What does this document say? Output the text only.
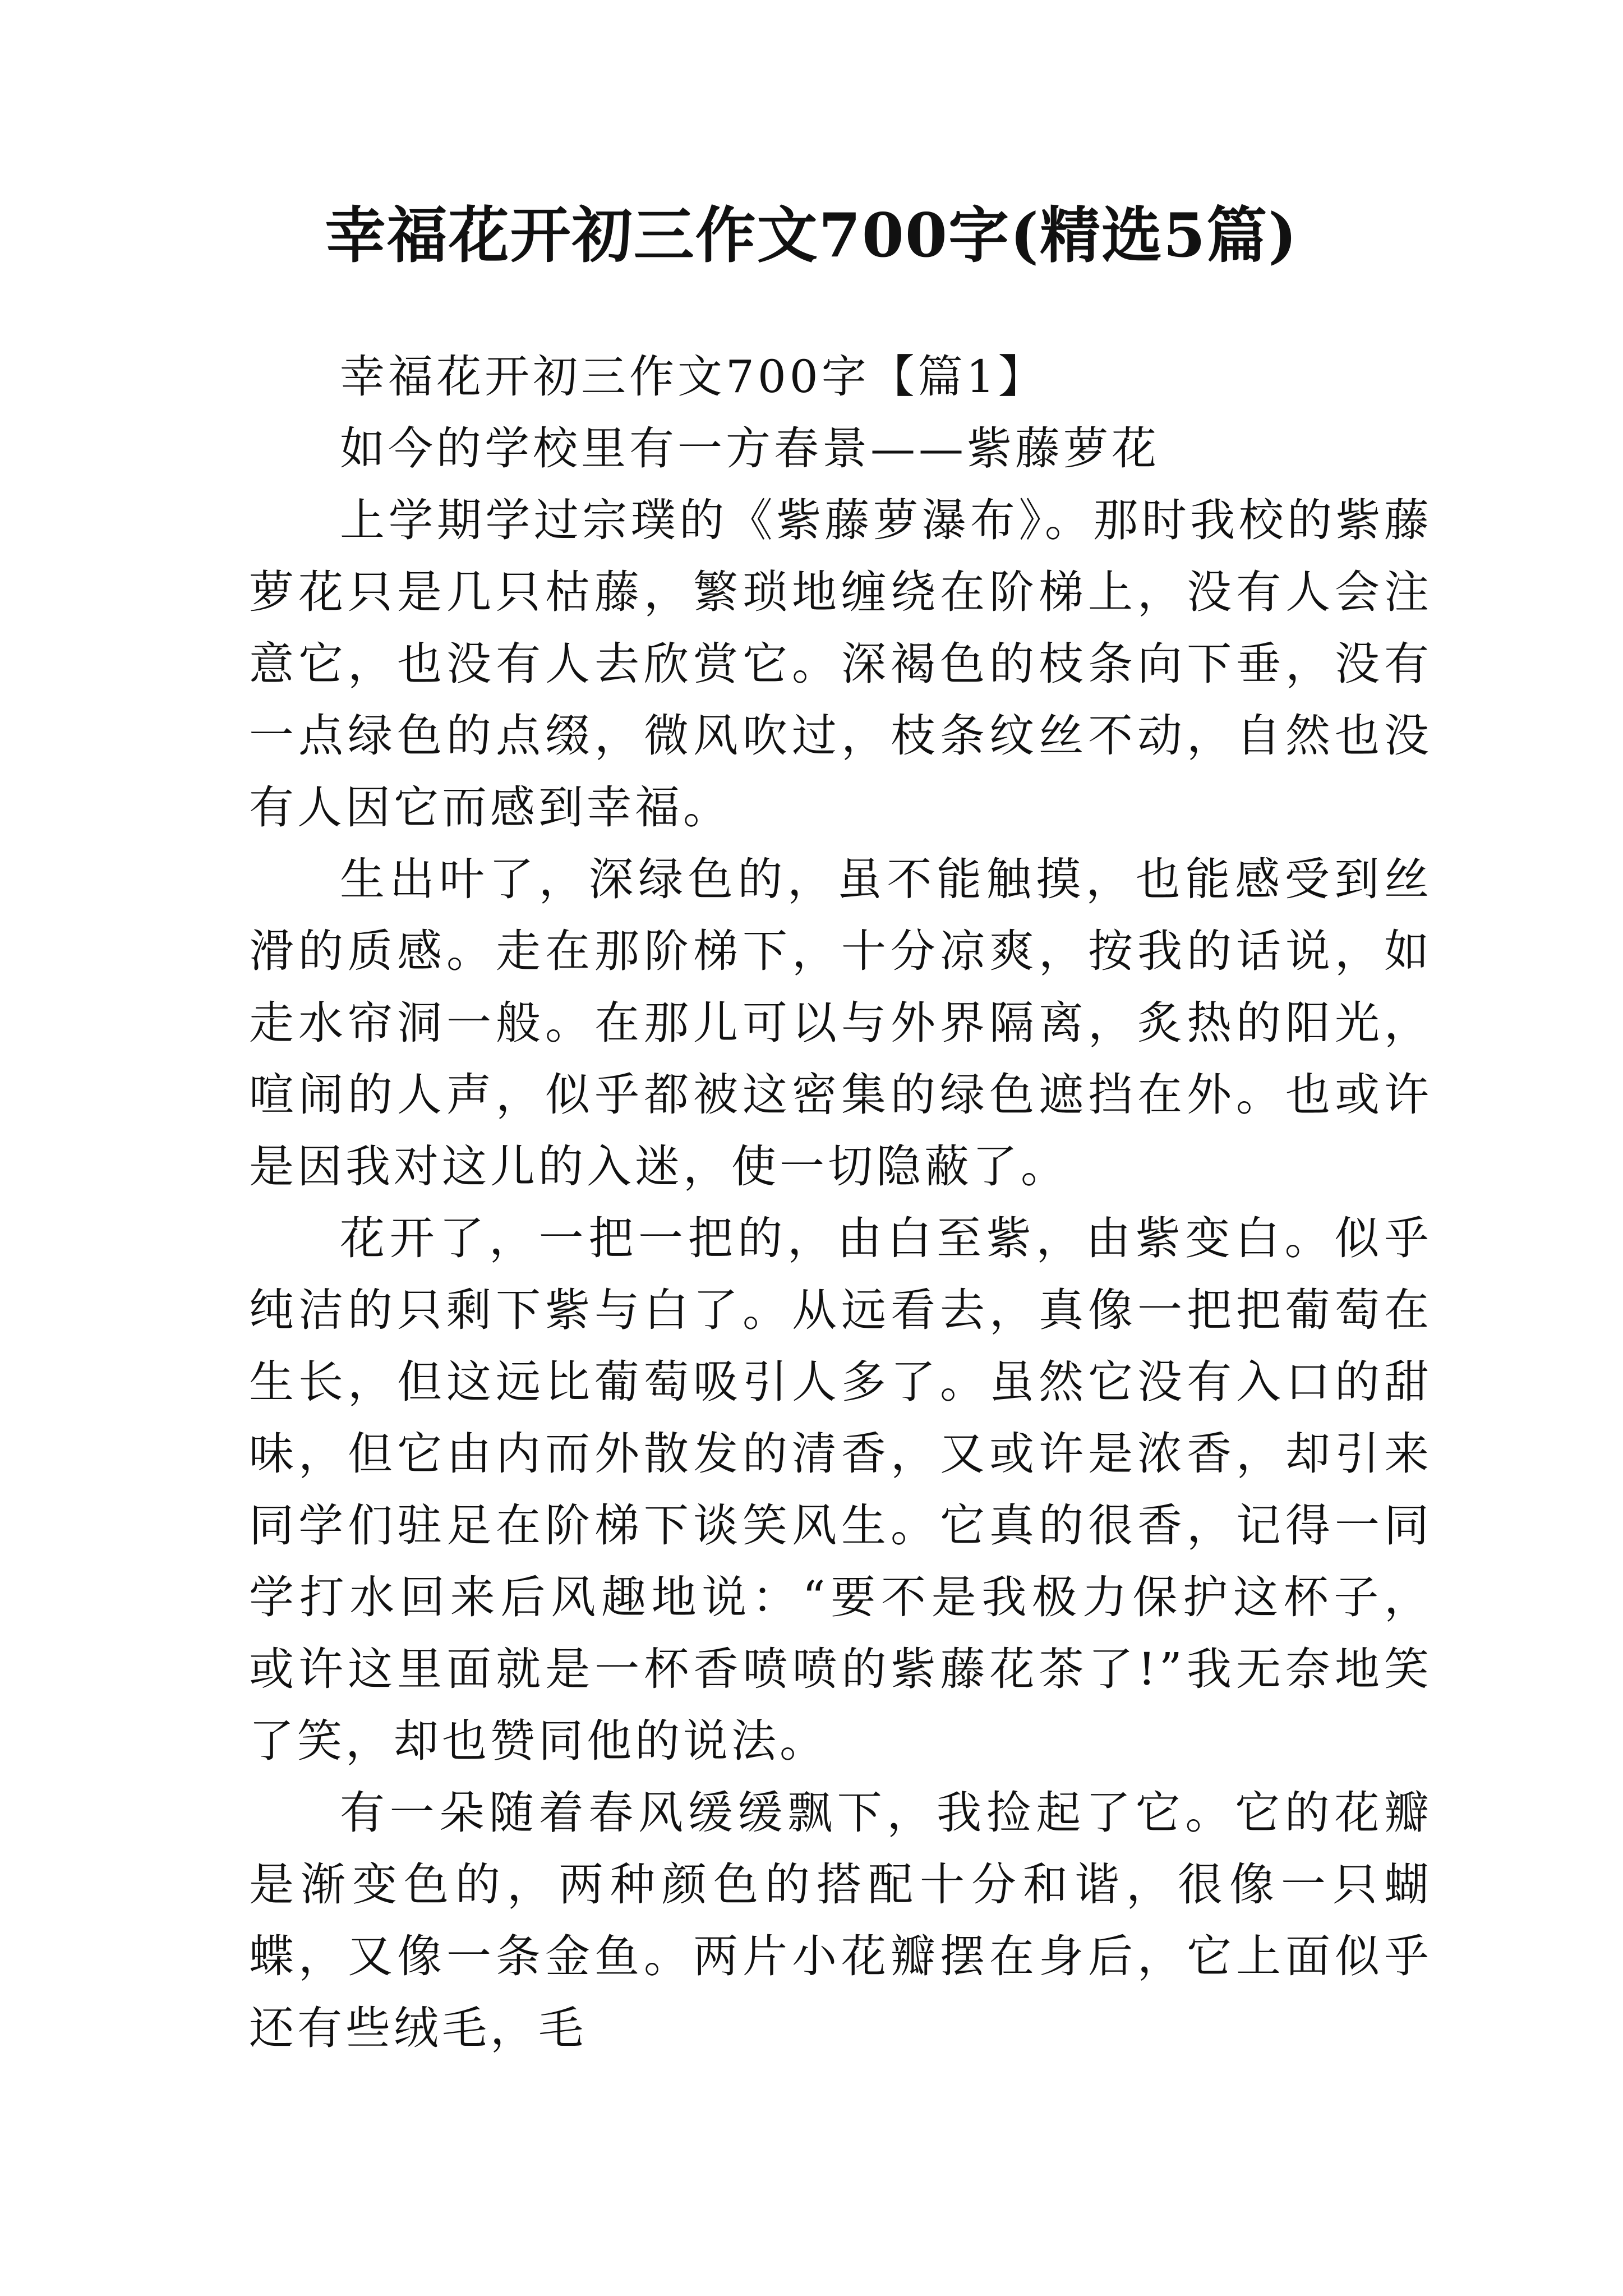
幸福花开初三作文700字(精选5篇)

幸福花开初三作文700字【篇1】

如今的学校里有一方春景——紫藤萝花

上学期学过宗璞的《紫藤萝瀑布》。那时我校的紫藤萝花只是几只枯藤，繁琐地缠绕在阶梯上，没有人会注意它，也没有人去欣赏它。深褐色的枝条向下垂，没有一点绿色的点缀，微风吹过，枝条纹丝不动，自然也没有人因它而感到幸福。

生出叶了，深绿色的，虽不能触摸，也能感受到丝滑的质感。走在那阶梯下，十分凉爽，按我的话说，如走水帘洞一般。在那儿可以与外界隔离，炙热的阳光，喧闹的人声，似乎都被这密集的绿色遮挡在外。也或许是因我对这儿的入迷，使一切隐蔽了。

花开了，一把一把的，由白至紫，由紫变白。似乎纯洁的只剩下紫与白了。从远看去，真像一把把葡萄在生长，但这远比葡萄吸引人多了。虽然它没有入口的甜味，但它由内而外散发的清香，又或许是浓香，却引来同学们驻足在阶梯下谈笑风生。它真的很香，记得一同学打水回来后风趣地说：“要不是我极力保护这杯子，或许这里面就是一杯香喷喷的紫藤花茶了!”我无奈地笑了笑，却也赞同他的说法。

有一朵随着春风缓缓飘下，我捡起了它。它的花瓣是渐变色的，两种颜色的搭配十分和谐，很像一只蝴蝶，又像一条金鱼。两片小花瓣摆在身后，它上面似乎还有些绒毛，毛
